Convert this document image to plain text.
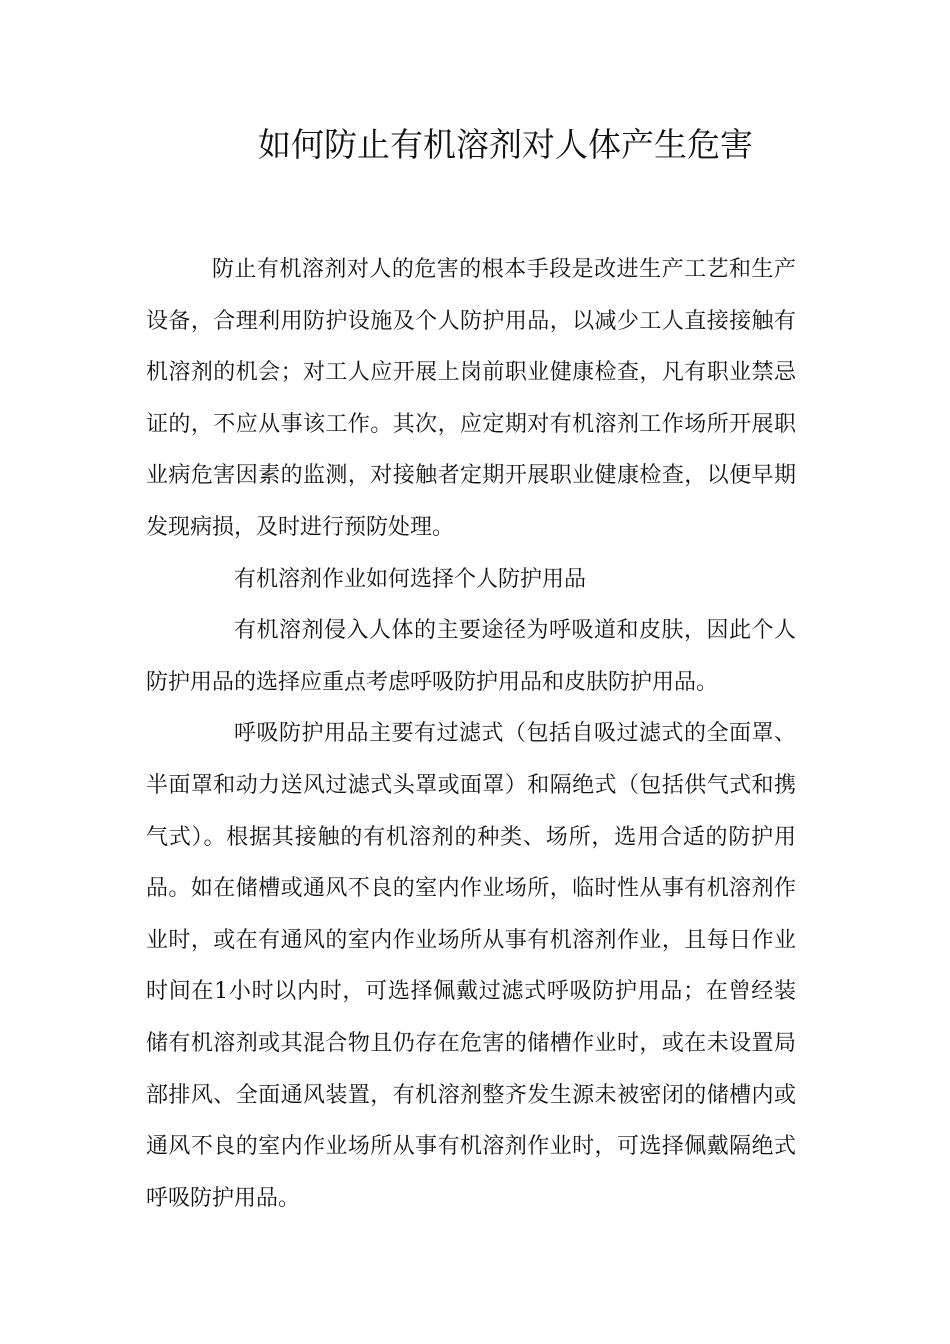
如何防止有机溶剂对人体产生危害

防止有机溶剂对人的危害的根本手段是改进生产工艺和生产设备，合理利用防护设施及个人防护用品，以减少工人直接接触有机溶剂的机会；对工人应开展上岗前职业健康检查，凡有职业禁忌证的，不应从事该工作。其次，应定期对有机溶剂工作场所开展职业病危害因素的监测，对接触者定期开展职业健康检查，以便早期发现病损，及时进行预防处理。

有机溶剂作业如何选择个人防护用品

有机溶剂侵入人体的主要途径为呼吸道和皮肤，因此个人防护用品的选择应重点考虑呼吸防护用品和皮肤防护用品。

呼吸防护用品主要有过滤式（包括自吸过滤式的全面罩、半面罩和动力送风过滤式头罩或面罩）和隔绝式（包括供气式和携气式）。根据其接触的有机溶剂的种类、场所，选用合适的防护用品。如在储槽或通风不良的室内作业场所，临时性从事有机溶剂作业时，或在有通风的室内作业场所从事有机溶剂作业，且每日作业时间在1小时以内时，可选择佩戴过滤式呼吸防护用品；在曾经装储有机溶剂或其混合物且仍存在危害的储槽作业时，或在未设置局部排风、全面通风装置，有机溶剂整齐发生源未被密闭的储槽内或通风不良的室内作业场所从事有机溶剂作业时，可选择佩戴隔绝式呼吸防护用品。
